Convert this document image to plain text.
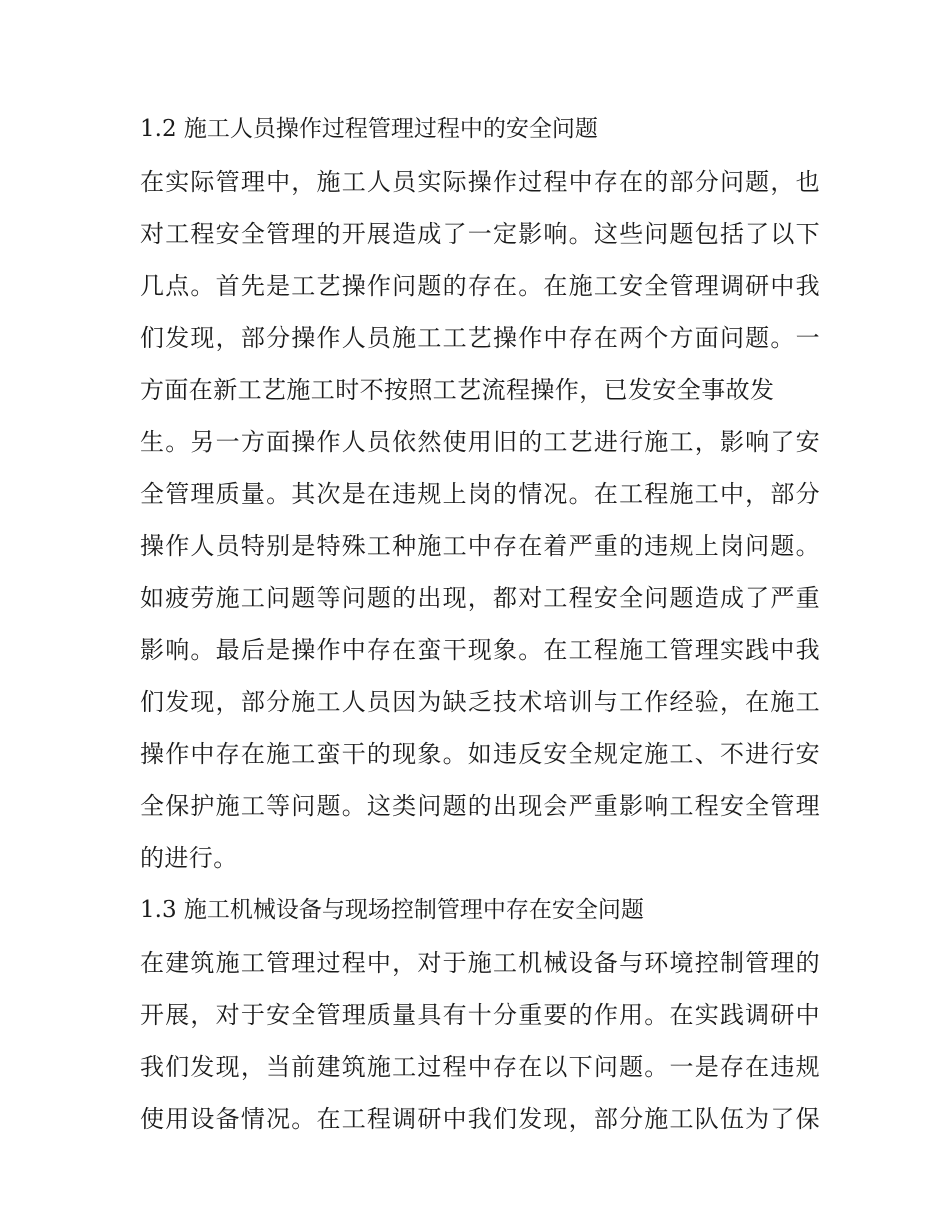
1.2 施工人员操作过程管理过程中的安全问题
在实际管理中，施工人员实际操作过程中存在的部分问题，也
对工程安全管理的开展造成了一定影响。这些问题包括了以下
几点。首先是工艺操作问题的存在。在施工安全管理调研中我
们发现，部分操作人员施工工艺操作中存在两个方面问题。一
方面在新工艺施工时不按照工艺流程操作，已发安全事故发
生。另一方面操作人员依然使用旧的工艺进行施工，影响了安
全管理质量。其次是在违规上岗的情况。在工程施工中，部分
操作人员特别是特殊工种施工中存在着严重的违规上岗问题。
如疲劳施工问题等问题的出现，都对工程安全问题造成了严重
影响。最后是操作中存在蛮干现象。在工程施工管理实践中我
们发现，部分施工人员因为缺乏技术培训与工作经验，在施工
操作中存在施工蛮干的现象。如违反安全规定施工、不进行安
全保护施工等问题。这类问题的出现会严重影响工程安全管理
的进行。
1.3 施工机械设备与现场控制管理中存在安全问题
在建筑施工管理过程中，对于施工机械设备与环境控制管理的
开展，对于安全管理质量具有十分重要的作用。在实践调研中
我们发现，当前建筑施工过程中存在以下问题。一是存在违规
使用设备情况。在工程调研中我们发现，部分施工队伍为了保
